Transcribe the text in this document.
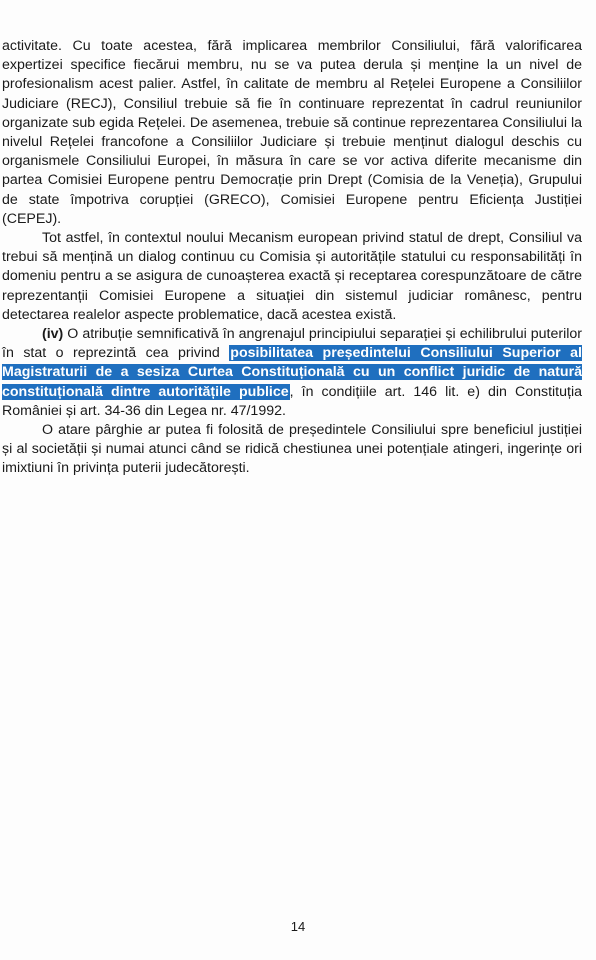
activitate. Cu toate acestea, fără implicarea membrilor Consiliului, fără valorificarea expertizei specifice fiecărui membru, nu se va putea derula și menține la un nivel de profesionalism acest palier. Astfel, în calitate de membru al Rețelei Europene a Consiliilor Judiciare (RECJ), Consiliul trebuie să fie în continuare reprezentat în cadrul reuniunilor organizate sub egida Rețelei. De asemenea, trebuie să continue reprezentarea Consiliului la nivelul Rețelei francofone a Consiliilor Judiciare și trebuie menținut dialogul deschis cu organismele Consiliului Europei, în măsura în care se vor activa diferite mecanisme din partea Comisiei Europene pentru Democrație prin Drept (Comisia de la Veneția), Grupului de state împotriva corupției (GRECO), Comisiei Europene pentru Eficiența Justiției (CEPEJ).

Tot astfel, în contextul noului Mecanism european privind statul de drept, Consiliul va trebui să mențină un dialog continuu cu Comisia și autoritățile statului cu responsabilități în domeniu pentru a se asigura de cunoașterea exactă și receptarea corespunzătoare de către reprezentanții Comisiei Europene a situației din sistemul judiciar românesc, pentru detectarea realelor aspecte problematice, dacă acestea există.

(iv) O atribuție semnificativă în angrenajul principiului separației și echilibrului puterilor în stat o reprezintă cea privind posibilitatea președintelui Consiliului Superior al Magistraturii de a sesiza Curtea Constituțională cu un conflict juridic de natură constituțională dintre autoritățile publice, în condițiile art. 146 lit. e) din Constituția României și art. 34-36 din Legea nr. 47/1992.

O atare pârghie ar putea fi folosită de președintele Consiliului spre beneficiul justiției și al societății și numai atunci când se ridică chestiunea unei potențiale atingeri, ingerințe ori imixtiuni în privința puterii judecătorești.

14
